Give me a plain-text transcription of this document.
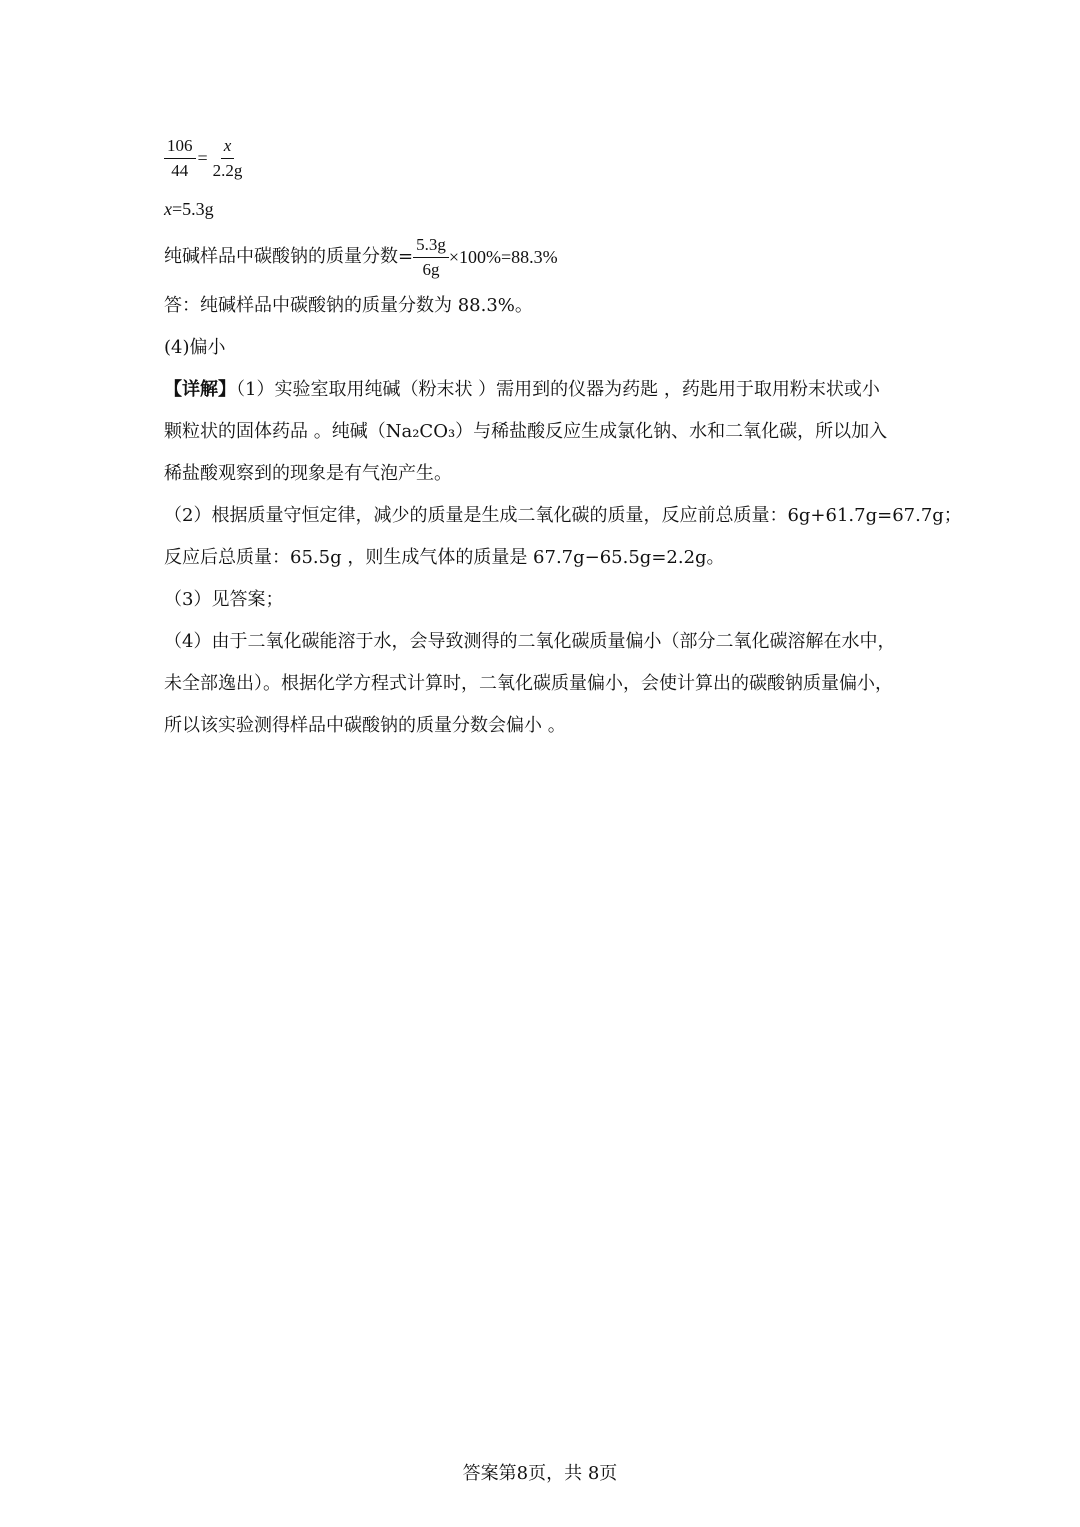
$\frac{106}{44} = \frac{x}{2.2g}$

x=5.3g

纯碱样品中碳酸钠的质量分数= $\frac{5.3g}{6g} \times 100\%=88.3\%$

答：纯碱样品中碳酸钠的质量分数为 88.3%。

(4)偏小

【详解】（1）实验室取用纯碱（粉末状 ）需用到的仪器为药匙 ，药匙用于取用粉末状或小

颗粒状的固体药品 。纯碱（Na₂CO₃）与稀盐酸反应生成氯化钠、水和二氧化碳，所以加入

稀盐酸观察到的现象是有气泡产生。

（2）根据质量守恒定律，减少的质量是生成二氧化碳的质量，反应前总质量：6g+61.7g=67.7g；

反应后总质量：65.5g ，则生成气体的质量是 67.7g−65.5g=2.2g。

（3）见答案；

（4）由于二氧化碳能溶于水，会导致测得的二氧化碳质量偏小（部分二氧化碳溶解在水中，

未全部逸出）。根据化学方程式计算时，二氧化碳质量偏小，会使计算出的碳酸钠质量偏小，

所以该实验测得样品中碳酸钠的质量分数会偏小 。

答案第8页，共 8页
